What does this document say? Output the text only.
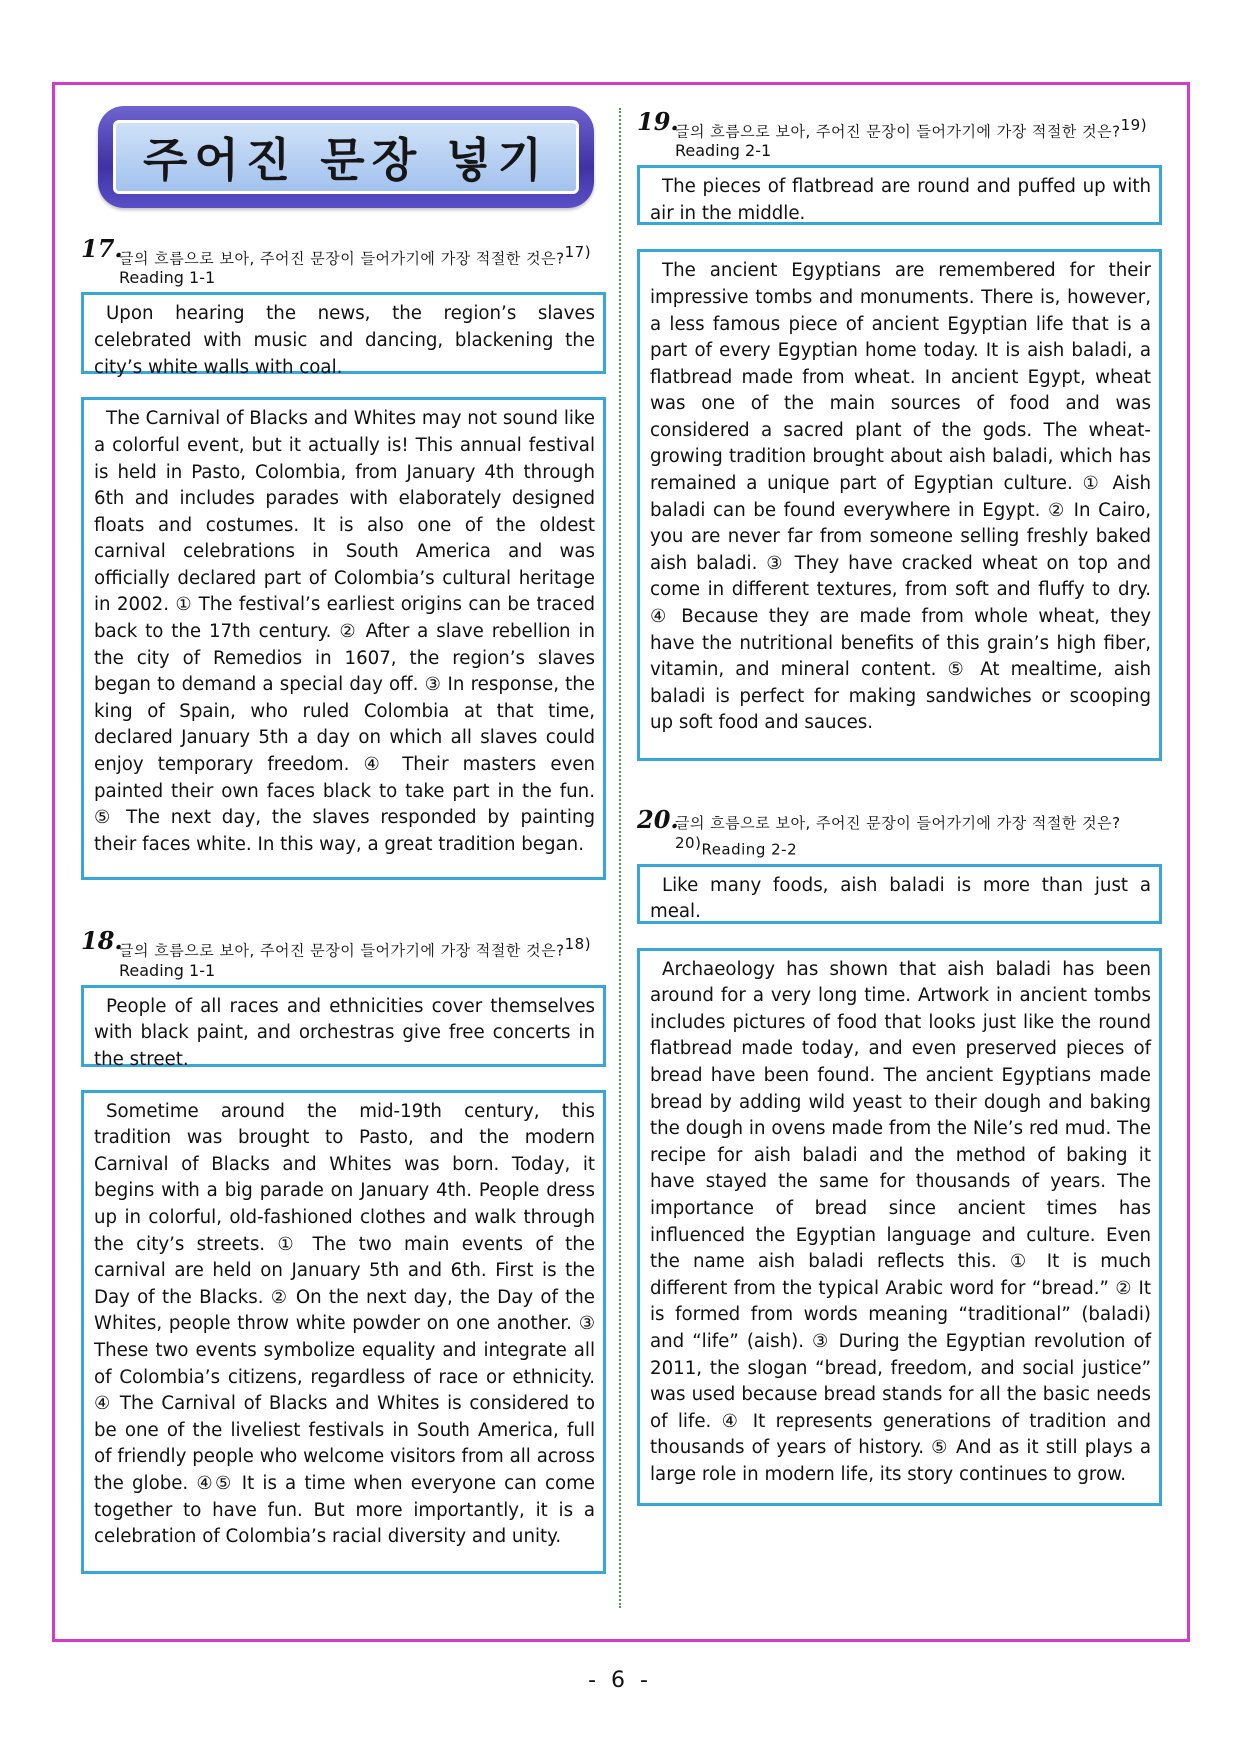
주어진 문장 넣기
17.
글의 흐름으로 보아, 주어진 문장이 들어가기에 가장 적절한 것은?$^{17)}$
Reading 1-1
Upon hearing the news, the region’s slaves celebrated with music and dancing, blackening the city’s white walls with coal.
The Carnival of Blacks and Whites may not sound like a colorful event, but it actually is! This annual festival is held in Pasto, Colombia, from January 4th through 6th and includes parades with elaborately designed floats and costumes. It is also one of the oldest carnival celebrations in South America and was officially declared part of Colombia’s cultural heritage in 2002. ① The festival’s earliest origins can be traced back to the 17th century. ② After a slave rebellion in the city of Remedios in 1607, the region’s slaves began to demand a special day off. ③ In response, the king of Spain, who ruled Colombia at that time, declared January 5th a day on which all slaves could enjoy temporary freedom. ④ Their masters even painted their own faces black to take part in the fun. ⑤ The next day, the slaves responded by painting their faces white. In this way, a great tradition began.
18.
글의 흐름으로 보아, 주어진 문장이 들어가기에 가장 적절한 것은?$^{18)}$
Reading 1-1
People of all races and ethnicities cover themselves with black paint, and orchestras give free concerts in the street.
Sometime around the mid-19th century, this tradition was brought to Pasto, and the modern Carnival of Blacks and Whites was born. Today, it begins with a big parade on January 4th. People dress up in colorful, old-fashioned clothes and walk through the city’s streets. ① The two main events of the carnival are held on January 5th and 6th. First is the Day of the Blacks. ② On the next day, the Day of the Whites, people throw white powder on one another. ③ These two events symbolize equality and integrate all of Colombia’s citizens, regardless of race or ethnicity. ④ The Carnival of Blacks and Whites is considered to be one of the liveliest festivals in South America, full of friendly people who welcome visitors from all across the globe. ④⑤ It is a time when everyone can come together to have fun. But more importantly, it is a celebration of Colombia’s racial diversity and unity.
19.
글의 흐름으로 보아, 주어진 문장이 들어가기에 가장 적절한 것은?$^{19)}$
Reading 2-1
The pieces of flatbread are round and puffed up with air in the middle.
The ancient Egyptians are remembered for their impressive tombs and monuments. There is, however, a less famous piece of ancient Egyptian life that is a part of every Egyptian home today. It is aish baladi, a flatbread made from wheat. In ancient Egypt, wheat was one of the main sources of food and was considered a sacred plant of the gods. The wheat-growing tradition brought about aish baladi, which has remained a unique part of Egyptian culture. ① Aish baladi can be found everywhere in Egypt. ② In Cairo, you are never far from someone selling freshly baked aish baladi. ③ They have cracked wheat on top and come in different textures, from soft and fluffy to dry. ④ Because they are made from whole wheat, they have the nutritional benefits of this grain’s high fiber, vitamin, and mineral content. ⑤ At mealtime, aish baladi is perfect for making sandwiches or scooping up soft food and sauces.
20.
글의 흐름으로 보아, 주어진 문장이 들어가기에 가장 적절한 것은?$^{20)}$Reading 2-2
Like many foods, aish baladi is more than just a meal.
Archaeology has shown that aish baladi has been around for a very long time. Artwork in ancient tombs includes pictures of food that looks just like the round flatbread made today, and even preserved pieces of bread have been found. The ancient Egyptians made bread by adding wild yeast to their dough and baking the dough in ovens made from the Nile’s red mud. The recipe for aish baladi and the method of baking it have stayed the same for thousands of years. The importance of bread since ancient times has influenced the Egyptian language and culture. Even the name aish baladi reflects this. ① It is much different from the typical Arabic word for “bread.” ② It is formed from words meaning “traditional” (baladi) and “life” (aish). ③ During the Egyptian revolution of 2011, the slogan “bread, freedom, and social justice” was used because bread stands for all the basic needs of life. ④ It represents generations of tradition and thousands of years of history. ⑤ And as it still plays a large role in modern life, its story continues to grow.
- 6 -
